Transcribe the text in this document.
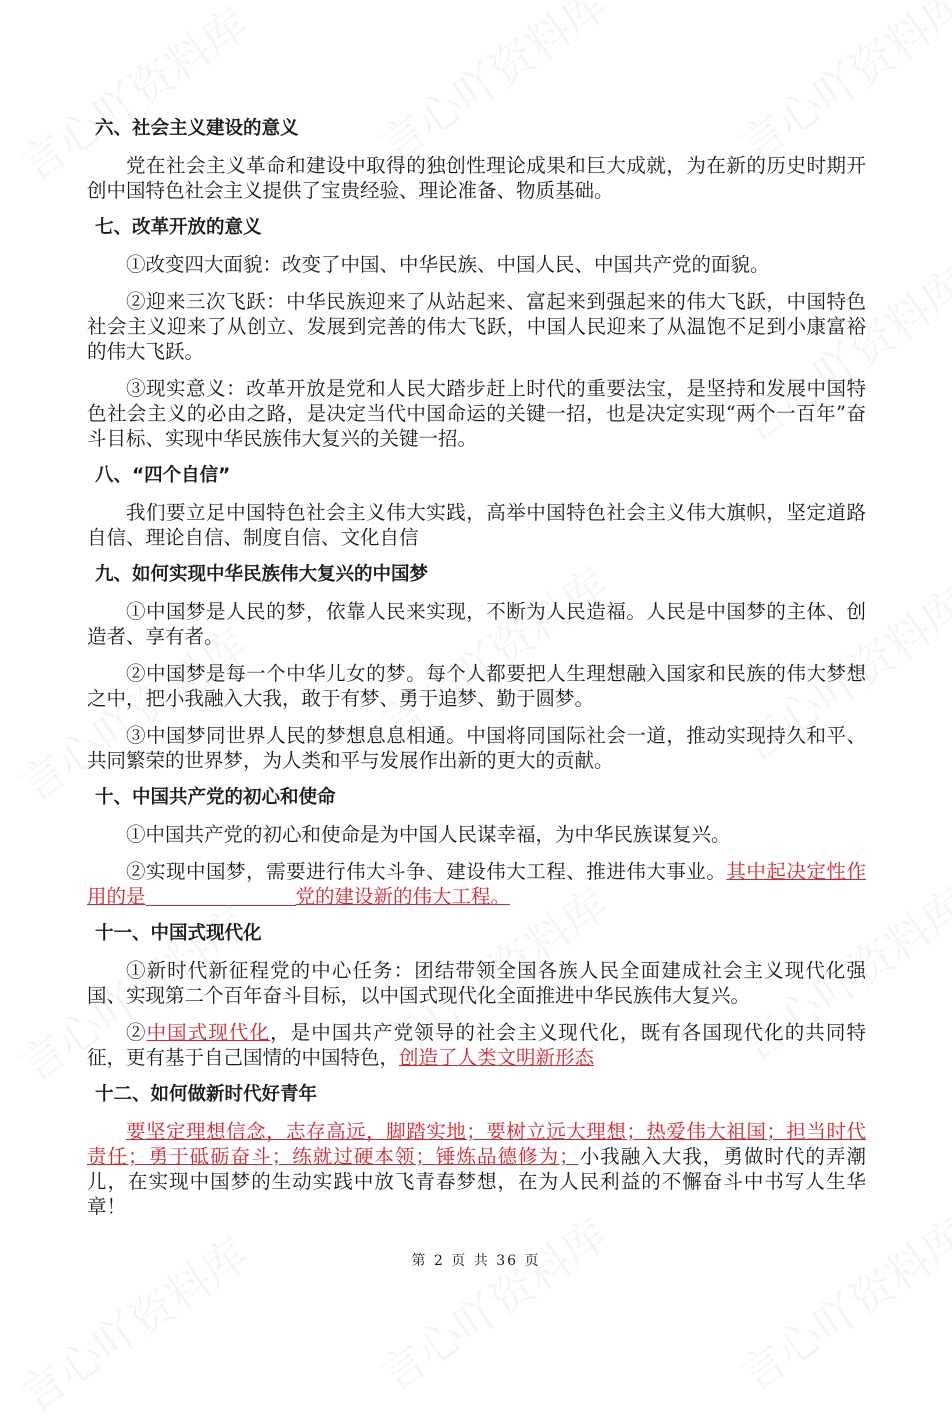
六、社会主义建设的意义
党在社会主义革命和建设中取得的独创性理论成果和巨大成就，为在新的历史时期开创中国特色社会主义提供了宝贵经验、理论准备、物质基础。
七、改革开放的意义
①改变四大面貌：改变了中国、中华民族、中国人民、中国共产党的面貌。
②迎来三次飞跃：中华民族迎来了从站起来、富起来到强起来的伟大飞跃，中国特色社会主义迎来了从创立、发展到完善的伟大飞跃，中国人民迎来了从温饱不足到小康富裕的伟大飞跃。
③现实意义：改革开放是党和人民大踏步赶上时代的重要法宝，是坚持和发展中国特色社会主义的必由之路，是决定当代中国命运的关键一招，也是决定实现“两个一百年”奋斗目标、实现中华民族伟大复兴的关键一招。
八、“四个自信”
我们要立足中国特色社会主义伟大实践，高举中国特色社会主义伟大旗帜，坚定道路自信、理论自信、制度自信、文化自信
九、如何实现中华民族伟大复兴的中国梦
①中国梦是人民的梦，依靠人民来实现，不断为人民造福。人民是中国梦的主体、创造者、享有者。
②中国梦是每一个中华儿女的梦。每个人都要把人生理想融入国家和民族的伟大梦想之中，把小我融入大我，敢于有梦、勇于追梦、勤于圆梦。
③中国梦同世界人民的梦想息息相通。中国将同国际社会一道，推动实现持久和平、共同繁荣的世界梦，为人类和平与发展作出新的更大的贡献。
十、中国共产党的初心和使命
①中国共产党的初心和使命是为中国人民谋幸福，为中华民族谋复兴。
②实现中国梦，需要进行伟大斗争、建设伟大工程、推进伟大事业。其中起决定性作用的是	党的建设新的伟大工程。
十一、中国式现代化
①新时代新征程党的中心任务：团结带领全国各族人民全面建成社会主义现代化强国、实现第二个百年奋斗目标，以中国式现代化全面推进中华民族伟大复兴。
②中国式现代化，是中国共产党领导的社会主义现代化，既有各国现代化的共同特征，更有基于自己国情的中国特色，创造了人类文明新形态
十二、如何做新时代好青年
要坚定理想信念，志存高远，脚踏实地；要树立远大理想；热爱伟大祖国；担当时代责任；勇于砥砺奋斗；练就过硬本领；锤炼品德修为；小我融入大我，勇做时代的弄潮儿，在实现中国梦的生动实践中放飞青春梦想，在为人民利益的不懈奋斗中书写人生华章！
第 2 页 共 36 页
